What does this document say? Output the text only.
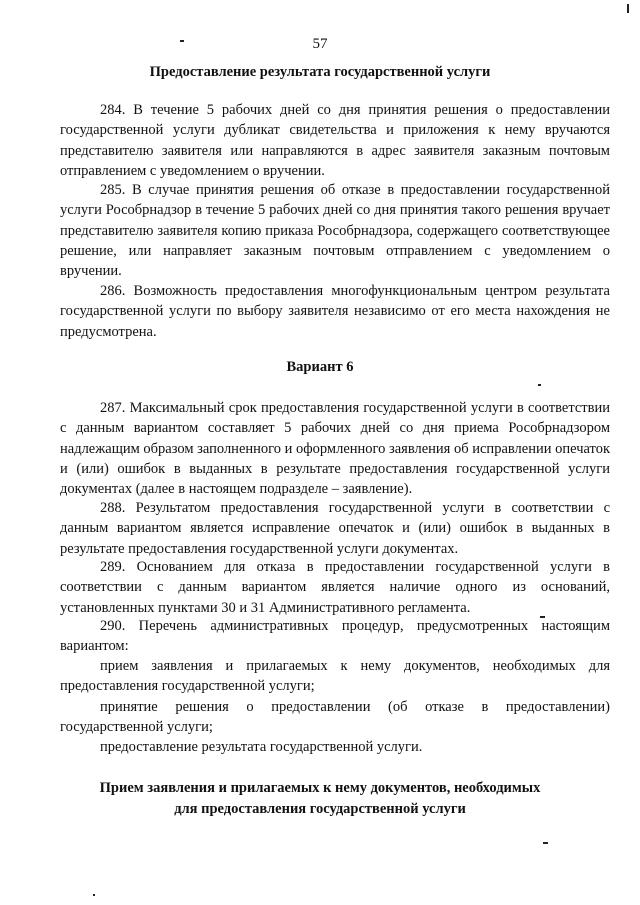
57
Предоставление результата государственной услуги
284. В течение 5 рабочих дней со дня принятия решения о предоставлении государственной услуги дубликат свидетельства и приложения к нему вручаются представителю заявителя или направляются в адрес заявителя заказным почтовым отправлением с уведомлением о вручении.
285. В случае принятия решения об отказе в предоставлении государственной услуги Рособрнадзор в течение 5 рабочих дней со дня принятия такого решения вручает представителю заявителя копию приказа Рособрнадзора, содержащего соответствующее решение, или направляет заказным почтовым отправлением с уведомлением о вручении.
286. Возможность предоставления многофункциональным центром результата государственной услуги по выбору заявителя независимо от его места нахождения не предусмотрена.
Вариант 6
287. Максимальный срок предоставления государственной услуги в соответствии с данным вариантом составляет 5 рабочих дней со дня приема Рособрнадзором надлежащим образом заполненного и оформленного заявления об исправлении опечаток и (или) ошибок в выданных в результате предоставления государственной услуги документах (далее в настоящем подразделе – заявление).
288. Результатом предоставления государственной услуги в соответствии с данным вариантом является исправление опечаток и (или) ошибок в выданных в результате предоставления государственной услуги документах.
289. Основанием для отказа в предоставлении государственной услуги в соответствии с данным вариантом является наличие одного из оснований, установленных пунктами 30 и 31 Административного регламента.
290. Перечень административных процедур, предусмотренных настоящим вариантом:
прием заявления и прилагаемых к нему документов, необходимых для предоставления государственной услуги;
принятие решения о предоставлении (об отказе в предоставлении) государственной услуги;
предоставление результата государственной услуги.
Прием заявления и прилагаемых к нему документов, необходимых
для предоставления государственной услуги
